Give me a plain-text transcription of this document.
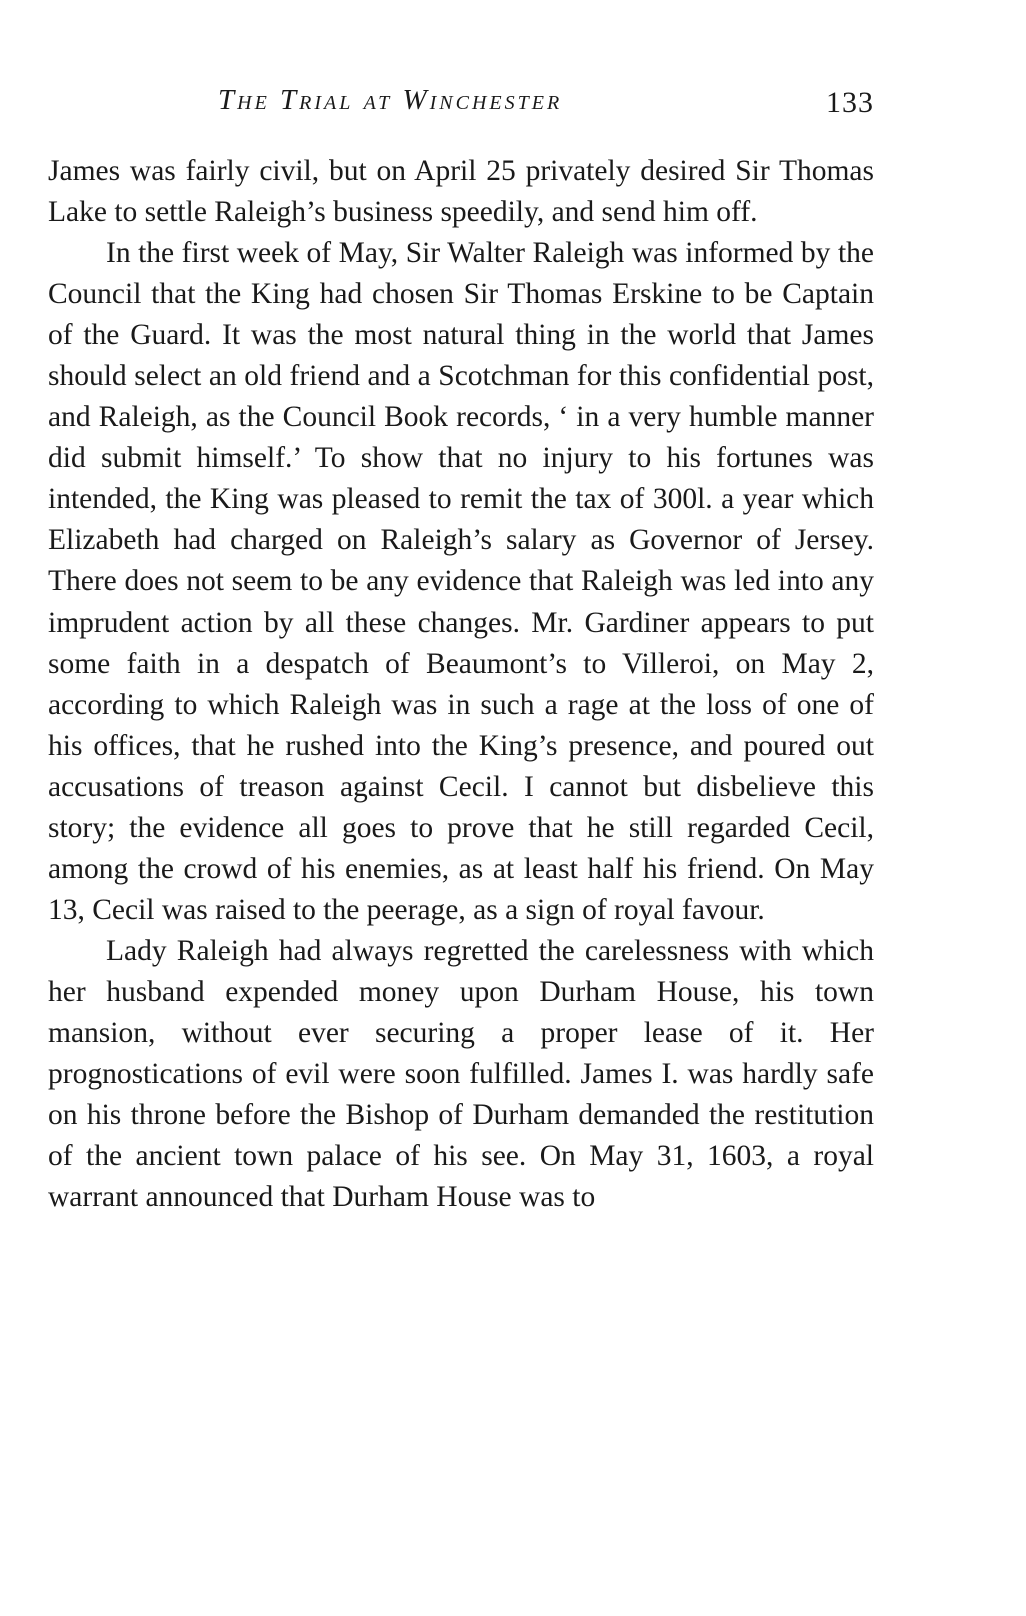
The Trial at Winchester	133

James was fairly civil, but on April 25 privately desired Sir Thomas Lake to settle Raleigh’s business speedily, and send him off.

In the first week of May, Sir Walter Raleigh was informed by the Council that the King had chosen Sir Thomas Erskine to be Captain of the Guard. It was the most natural thing in the world that James should select an old friend and a Scotchman for this confidential post, and Raleigh, as the Council Book records, ‘ in a very humble manner did submit himself.’ To show that no injury to his fortunes was intended, the King was pleased to remit the tax of 300l. a year which Elizabeth had charged on Raleigh’s salary as Governor of Jersey. There does not seem to be any evidence that Raleigh was led into any imprudent action by all these changes. Mr. Gardiner appears to put some faith in a despatch of Beaumont’s to Villeroi, on May 2, according to which Raleigh was in such a rage at the loss of one of his offices, that he rushed into the King’s presence, and poured out accusations of treason against Cecil. I cannot but disbelieve this story; the evidence all goes to prove that he still regarded Cecil, among the crowd of his enemies, as at least half his friend. On May 13, Cecil was raised to the peerage, as a sign of royal favour.

Lady Raleigh had always regretted the carelessness with which her husband expended money upon Durham House, his town mansion, without ever securing a proper lease of it. Her prognostications of evil were soon fulfilled. James I. was hardly safe on his throne before the Bishop of Durham demanded the restitution of the ancient town palace of his see. On May 31, 1603, a royal warrant announced that Durham House was to
